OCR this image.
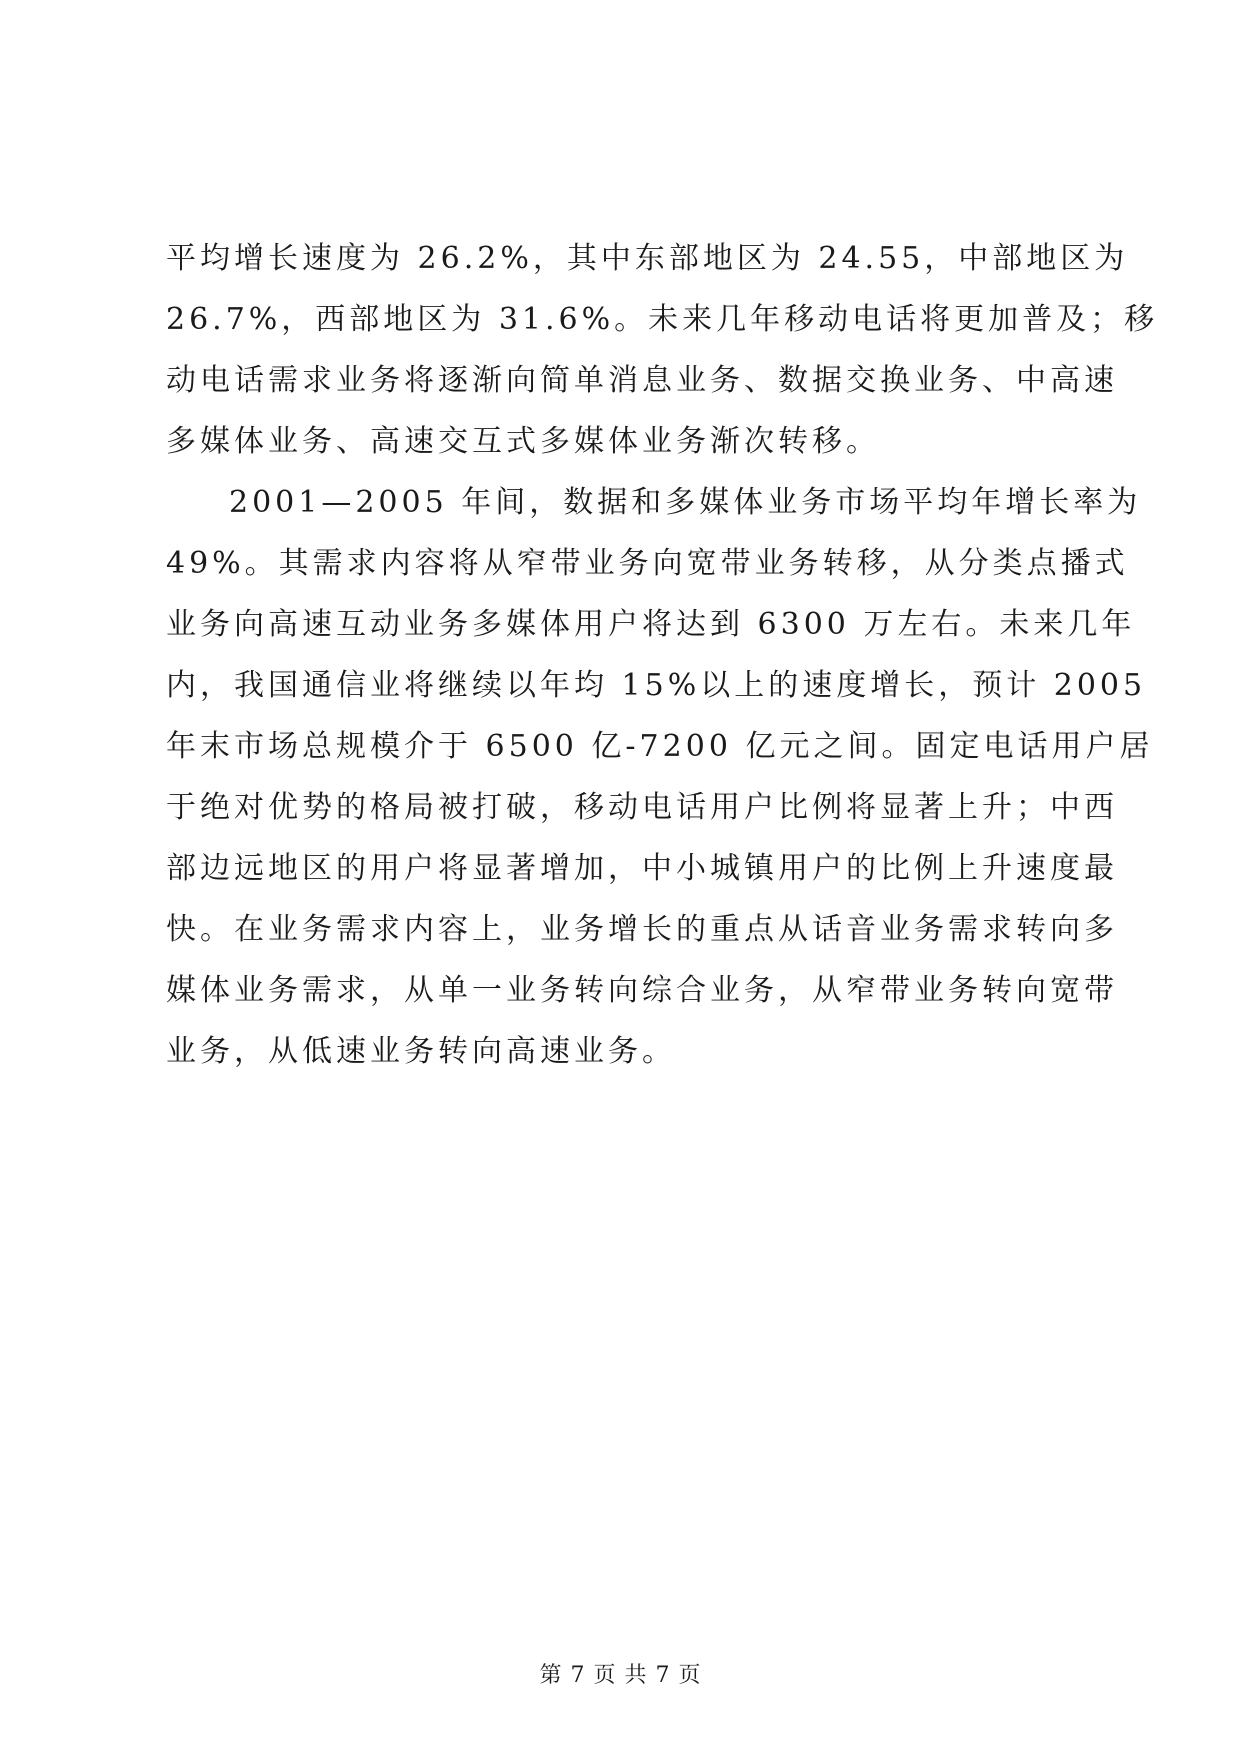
平均增长速度为 26.2%，其中东部地区为 24.55，中部地区为
26.7%，西部地区为 31.6%。未来几年移动电话将更加普及；移
动电话需求业务将逐渐向简单消息业务、数据交换业务、中高速
多媒体业务、高速交互式多媒体业务渐次转移。
2001—2005 年间，数据和多媒体业务市场平均年增长率为
49%。其需求内容将从窄带业务向宽带业务转移，从分类点播式
业务向高速互动业务多媒体用户将达到 6300 万左右。未来几年
内，我国通信业将继续以年均 15%以上的速度增长，预计 2005
年末市场总规模介于 6500 亿-7200 亿元之间。固定电话用户居
于绝对优势的格局被打破，移动电话用户比例将显著上升；中西
部边远地区的用户将显著增加，中小城镇用户的比例上升速度最
快。在业务需求内容上，业务增长的重点从话音业务需求转向多
媒体业务需求，从单一业务转向综合业务，从窄带业务转向宽带
业务，从低速业务转向高速业务。
第 7 页 共 7 页
